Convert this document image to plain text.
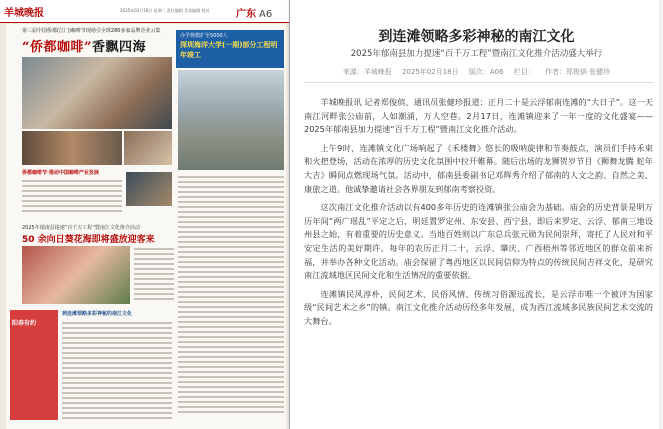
羊城晚报	2025年02月18日 星期二 责任编辑 美术编辑 校对	广东 A6
第三届中国侨都(江门)咖啡节现场引全球280多家品牌企业云集
“侨都咖啡”香飘四海
侨都咖啡节·推动中国咖啡产业发展
办学规模扩至5000人
深圳海洋大学(一期)部分工程明年竣工
2025年郁南县提速“百千万工程”暨南江文化推介活动
50 余向日葵花海即将盛放迎客来
阳春有约
到连滩领略多彩神秘的南江文化
到连滩领略多彩神秘的南江文化
2025年郁南县加力提速“百千万工程”暨南江文化推介活动盛大举行
来源：羊城晚报 2025年02月18日 版次：A06 栏目： 作者：郑俊傧 张健珍

羊城晚报讯 记者郑俊傧、通讯员张健珍报道：正月二十是云浮郁南连滩的“大日子”。这一天南江河畔张公庙前，人如潮涌，万人空巷。2月17日，连滩镇迎来了一年一度的文化盛宴——2025年郁南县加力提速“百千万工程”暨南江文化推介活动。

上午9时，连滩镇文化广场响起了《禾楼舞》悠长的吸呐旋律和节奏鼓点，演员们手持禾束和火把登场，活动在浓厚的历史文化氛围中拉开帷幕。随后出场的龙狮贺岁节目《狮舞龙腾 蛇年大吉》瞬间点燃现场气氛。活动中，郁南县委副书记邓辉秀介绍了郁南的人文之韵、自然之美、康旅之道。他诚挚邀请社会各界朋友到郁南考察投资。

这次南江文化推介活动以有400多年历史的连滩镇张公庙会为基础。庙会的历史背景是明万历年间“两广瑶乱”平定之后，明廷置罗定州、东安县、西宁县，即后来罗定、云浮、郁南三地设州县之始，有着重要的历史意义。当地百姓则以广东总兵张元勋为民间崇拜，寄托了人民对和平安定生活的美好期许。每年的农历正月二十，云浮、肇庆、广西梧州等邻近地区的群众前来祈福，并举办各种文化活动。庙会保留了粤西地区以民间信仰为特点的传统民间吉祥文化，是研究南江流域地区民间文化和生活情况的重要依据。

连滩镇民风淳朴，民间艺术、民俗风情、传统习俗源远流长，是云浮市唯一个被评为国家级“民间艺术之乡”的镇。南江文化推介活动历经多年发展，成为西江流域多民族民间艺术交流的大舞台。
